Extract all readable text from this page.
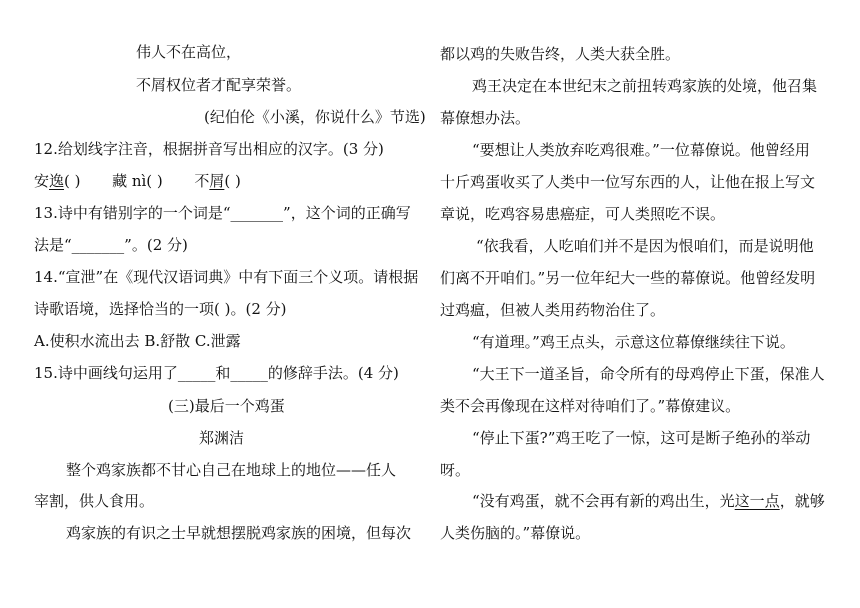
伟人不在高位，
不屑权位者才配享荣誉。
(纪伯伦《小溪，你说什么》节选)
12.给划线字注音，根据拼音写出相应的汉字。(3 分)
安逸( ) 藏 nì( ) 不屑( )
13.诗中有错别字的一个词是“_______”，这个词的正确写
法是“_______”。(2 分)
14.“宣泄”在《现代汉语词典》中有下面三个义项。请根据
诗歌语境，选择恰当的一项( )。(2 分)
A.使积水流出去 B.舒散 C.泄露
15.诗中画线句运用了_____和_____的修辞手法。(4 分)
(三)最后一个鸡蛋
郑渊洁
整个鸡家族都不甘心自己在地球上的地位——任人
宰割，供人食用。
鸡家族的有识之士早就想摆脱鸡家族的困境，但每次
都以鸡的失败告终，人类大获全胜。
鸡王决定在本世纪末之前扭转鸡家族的处境，他召集
幕僚想办法。
“要想让人类放弃吃鸡很难。”一位幕僚说。他曾经用
十斤鸡蛋收买了人类中一位写东西的人，让他在报上写文
章说，吃鸡容易患癌症，可人类照吃不误。
“依我看，人吃咱们并不是因为恨咱们，而是说明他
们离不开咱们。”另一位年纪大一些的幕僚说。他曾经发明
过鸡瘟，但被人类用药物治住了。
“有道理。”鸡王点头，示意这位幕僚继续往下说。
“大王下一道圣旨，命令所有的母鸡停止下蛋，保准人
类不会再像现在这样对待咱们了。”幕僚建议。
“停止下蛋?”鸡王吃了一惊，这可是断子绝孙的举动
呀。
“没有鸡蛋，就不会再有新的鸡出生，光这一点，就够
人类伤脑的。”幕僚说。
